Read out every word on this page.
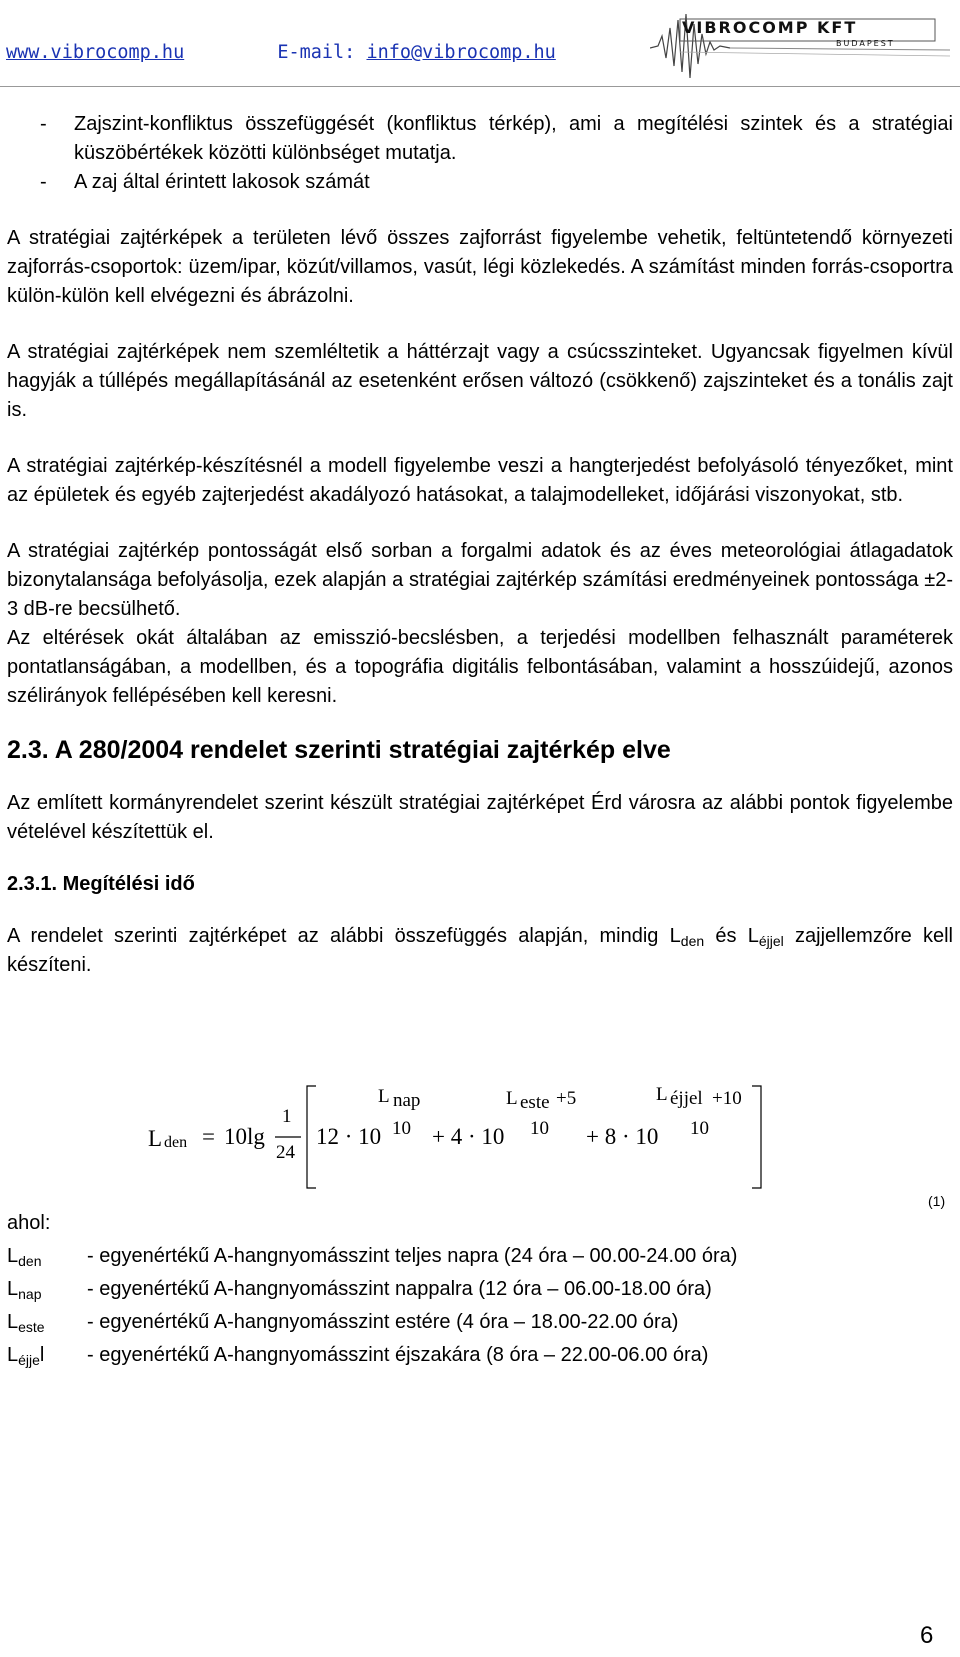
www.vibrocomp.hu	E-mail: info@vibrocomp.hu
VIBROCOMP KFT
BUDAPEST
-	Zajszint-konfliktus összefüggését (konfliktus térkép), ami a megítélési szintek és a stratégiai küszöbértékek közötti különbséget mutatja.
-	A zaj által érintett lakosok számát

A stratégiai zajtérképek a területen lévő összes zajforrást figyelembe vehetik, feltüntetendő környezeti zajforrás-csoportok: üzem/ipar, közút/villamos, vasút, légi közlekedés. A számítást minden forrás-csoportra külön-külön kell elvégezni és ábrázolni.

A stratégiai zajtérképek nem szemléltetik a háttérzajt vagy a csúcsszinteket. Ugyancsak figyelmen kívül hagyják a túllépés megállapításánál az esetenként erősen változó (csökkenő) zajszinteket és a tonális zajt is.

A stratégiai zajtérkép-készítésnél a modell figyelembe veszi a hangterjedést befolyásoló tényezőket, mint az épületek és egyéb zajterjedést akadályozó hatásokat, a talajmodelleket, időjárási viszonyokat, stb.

A stratégiai zajtérkép pontosságát első sorban a forgalmi adatok és az éves meteorológiai átlagadatok bizonytalansága befolyásolja, ezek alapján a stratégiai zajtérkép számítási eredményeinek pontossága ±2-3 dB-re becsülhető.

Az eltérések okát általában az emisszió-becslésben, a terjedési modellben felhasznált paraméterek pontatlanságában, a modellben, és a topográfia digitális felbontásában, valamint a hosszúidejű, azonos szélirányok fellépésében kell keresni.

2.3. A 280/2004 rendelet szerinti stratégiai zajtérkép elve

Az említett kormányrendelet szerint készült stratégiai zajtérképet Érd városra az alábbi pontok figyelembe vételével készítettük el.

2.3.1. Megítélési idő

A rendelet szerinti zajtérképet az alábbi összefüggés alapján, mindig $L_{den}$ és $L_{éjjel}$ zajjellemzőre kell készíteni.

L den = 10lg
1
24
12 · 10 10
L nap
+ 4 · 10 10
L este +5
+ 8 · 10 10
L éjjel +10
(1)
ahol:
$L_{den}$ - egyenértékű A-hangnyomásszint teljes napra (24 óra – 00.00-24.00 óra)
$L_{nap}$ - egyenértékű A-hangnyomásszint nappalra (12 óra – 06.00-18.00 óra)
$L_{este}$ - egyenértékű A-hangnyomásszint estére (4 óra – 18.00-22.00 óra)
$L_{éjje}l$ - egyenértékű A-hangnyomásszint éjszakára (8 óra – 22.00-06.00 óra)
6
